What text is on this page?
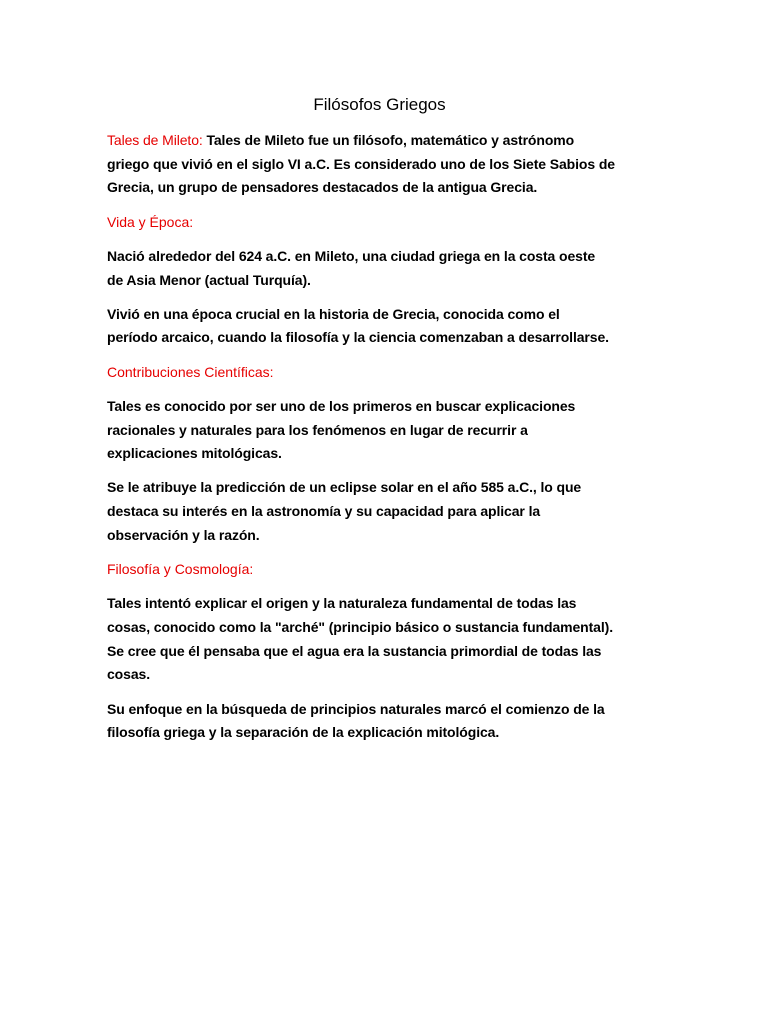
Filósofos Griegos
Tales de Mileto: Tales de Mileto fue un filósofo, matemático y astrónomo
griego que vivió en el siglo VI a.C. Es considerado uno de los Siete Sabios de
Grecia, un grupo de pensadores destacados de la antigua Grecia.
Vida y Época:
Nació alrededor del 624 a.C. en Mileto, una ciudad griega en la costa oeste
de Asia Menor (actual Turquía).
Vivió en una época crucial en la historia de Grecia, conocida como el
período arcaico, cuando la filosofía y la ciencia comenzaban a desarrollarse.
Contribuciones Científicas:
Tales es conocido por ser uno de los primeros en buscar explicaciones
racionales y naturales para los fenómenos en lugar de recurrir a
explicaciones mitológicas.
Se le atribuye la predicción de un eclipse solar en el año 585 a.C., lo que
destaca su interés en la astronomía y su capacidad para aplicar la
observación y la razón.
Filosofía y Cosmología:
Tales intentó explicar el origen y la naturaleza fundamental de todas las
cosas, conocido como la "arché" (principio básico o sustancia fundamental).
Se cree que él pensaba que el agua era la sustancia primordial de todas las
cosas.
Su enfoque en la búsqueda de principios naturales marcó el comienzo de la
filosofía griega y la separación de la explicación mitológica.
